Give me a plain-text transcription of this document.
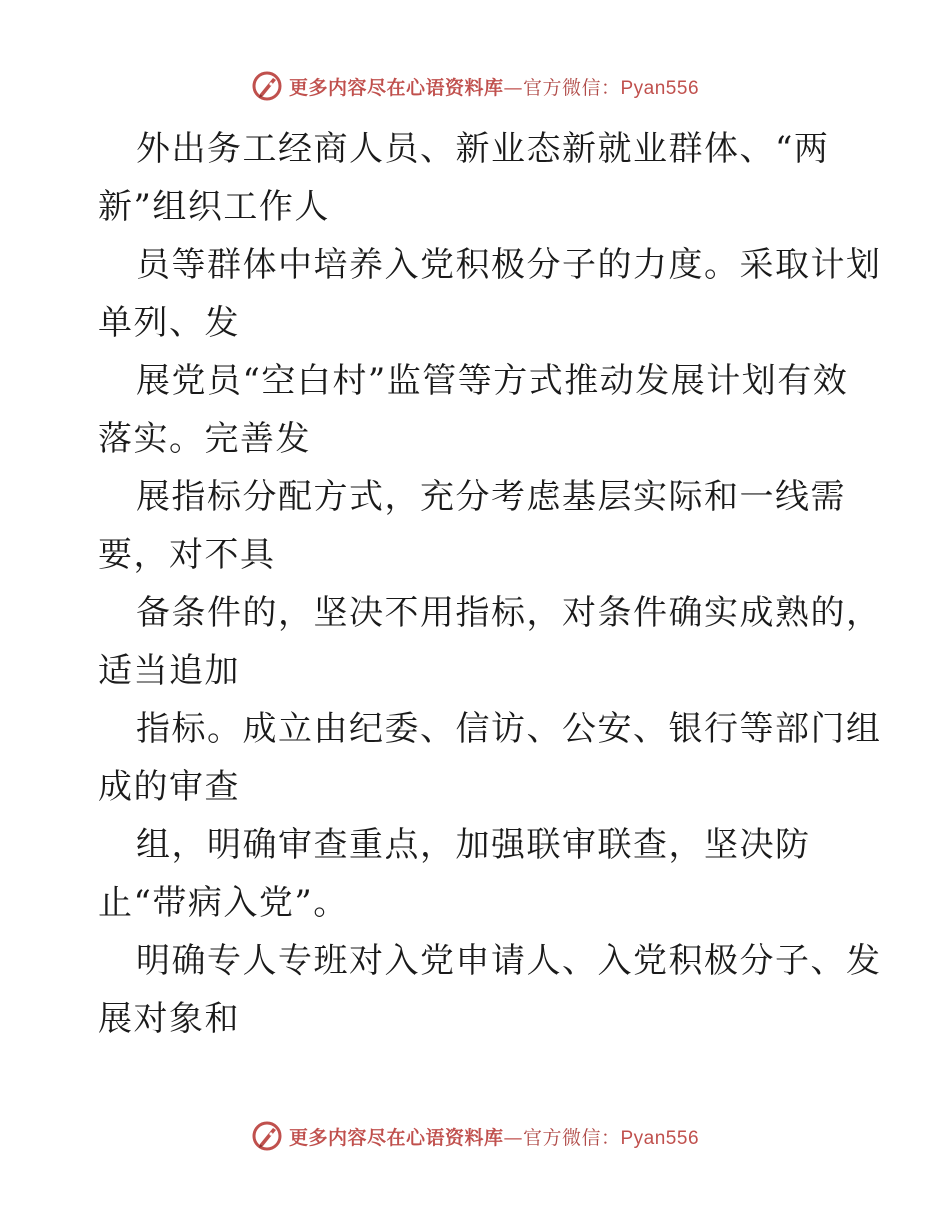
更多内容尽在心语资料库—官方微信：Pyan556
外出务工经商人员、新业态新就业群体、“两
新”组织工作人
员等群体中培养入党积极分子的力度。采取计划
单列、发
展党员“空白村”监管等方式推动发展计划有效
落实。完善发
展指标分配方式，充分考虑基层实际和一线需
要，对不具
备条件的，坚决不用指标，对条件确实成熟的，
适当追加
指标。成立由纪委、信访、公安、银行等部门组
成的审查
组，明确审查重点，加强联审联查，坚决防
止“带病入党”。
明确专人专班对入党申请人、入党积极分子、发
展对象和
更多内容尽在心语资料库—官方微信：Pyan556
